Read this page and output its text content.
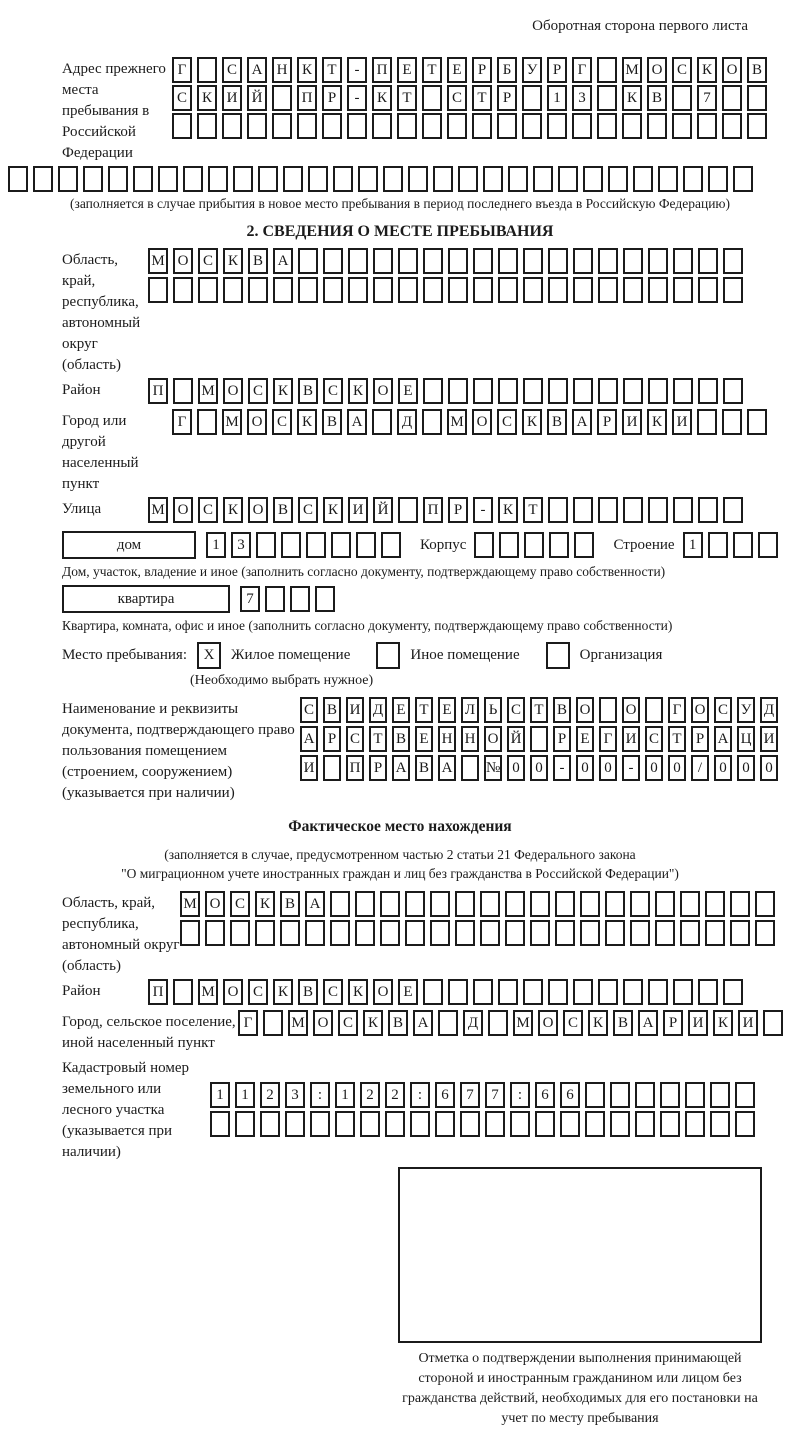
Оборотная сторона первого листа
Адрес прежнего места пребывания в Российской Федерации
Г	С А Н К Т - П Е Т Е Р Б У Р Г	М О С К О В
С К И Й	П Р - К Т	С Т Р	1 3	К В	7
(заполняется в случае прибытия в новое место пребывания в период последнего въезда в Российскую Федерацию)
2. СВЕДЕНИЯ О МЕСТЕ ПРЕБЫВАНИЯ
Область, край, республика, автономный округ (область)
М О С К В А
Район	П	М О С К В С К О Е
Город или другой населенный пункт
Г	М О С К В А	Д	М О С К В А Р И К И
Улица	М О С К О В С К И Й	П Р - К Т
дом	1 3	Корпус	Строение 1
Дом, участок, владение и иное (заполнить согласно документу, подтверждающему право собственности)
квартира	7
Квартира, комната, офис и иное (заполнить согласно документу, подтверждающему право собственности)
Место пребывания:	Х	Жилое помещение	Иное помещение	Организация
(Необходимо выбрать нужное)
Наименование и реквизиты документа, подтверждающего право пользования помещением (строением, сооружением) (указывается при наличии)
С В И Д Е Т Е Л Ь С Т В О О Г О С У Д
А Р С Т В Е Н Н О Й Р Е Г И С Т Р А Ц И
И П Р А В А № 0 0 - 0 0 - 0 0 / 0 0 0
Фактическое место нахождения
(заполняется в случае, предусмотренном частью 2 статьи 21 Федерального закона
"О миграционном учете иностранных граждан и лиц без гражданства в Российской Федерации")
Область, край, республика, автономный округ (область)
М О С К В А
Район	П	М О С К В С К О Е
Город, сельское поселение, иной населенный пункт
Г	М О С К В А	Д	М О С К В А Р И К И
Кадастровый номер земельного или лесного участка (указывается при наличии)
1 1 2 3 : 1 2 2 : 6 7 7 : 6 6
Отметка о подтверждении выполнения принимающей стороной и иностранным гражданином или лицом без гражданства действий, необходимых для его постановки на учет по месту пребывания
